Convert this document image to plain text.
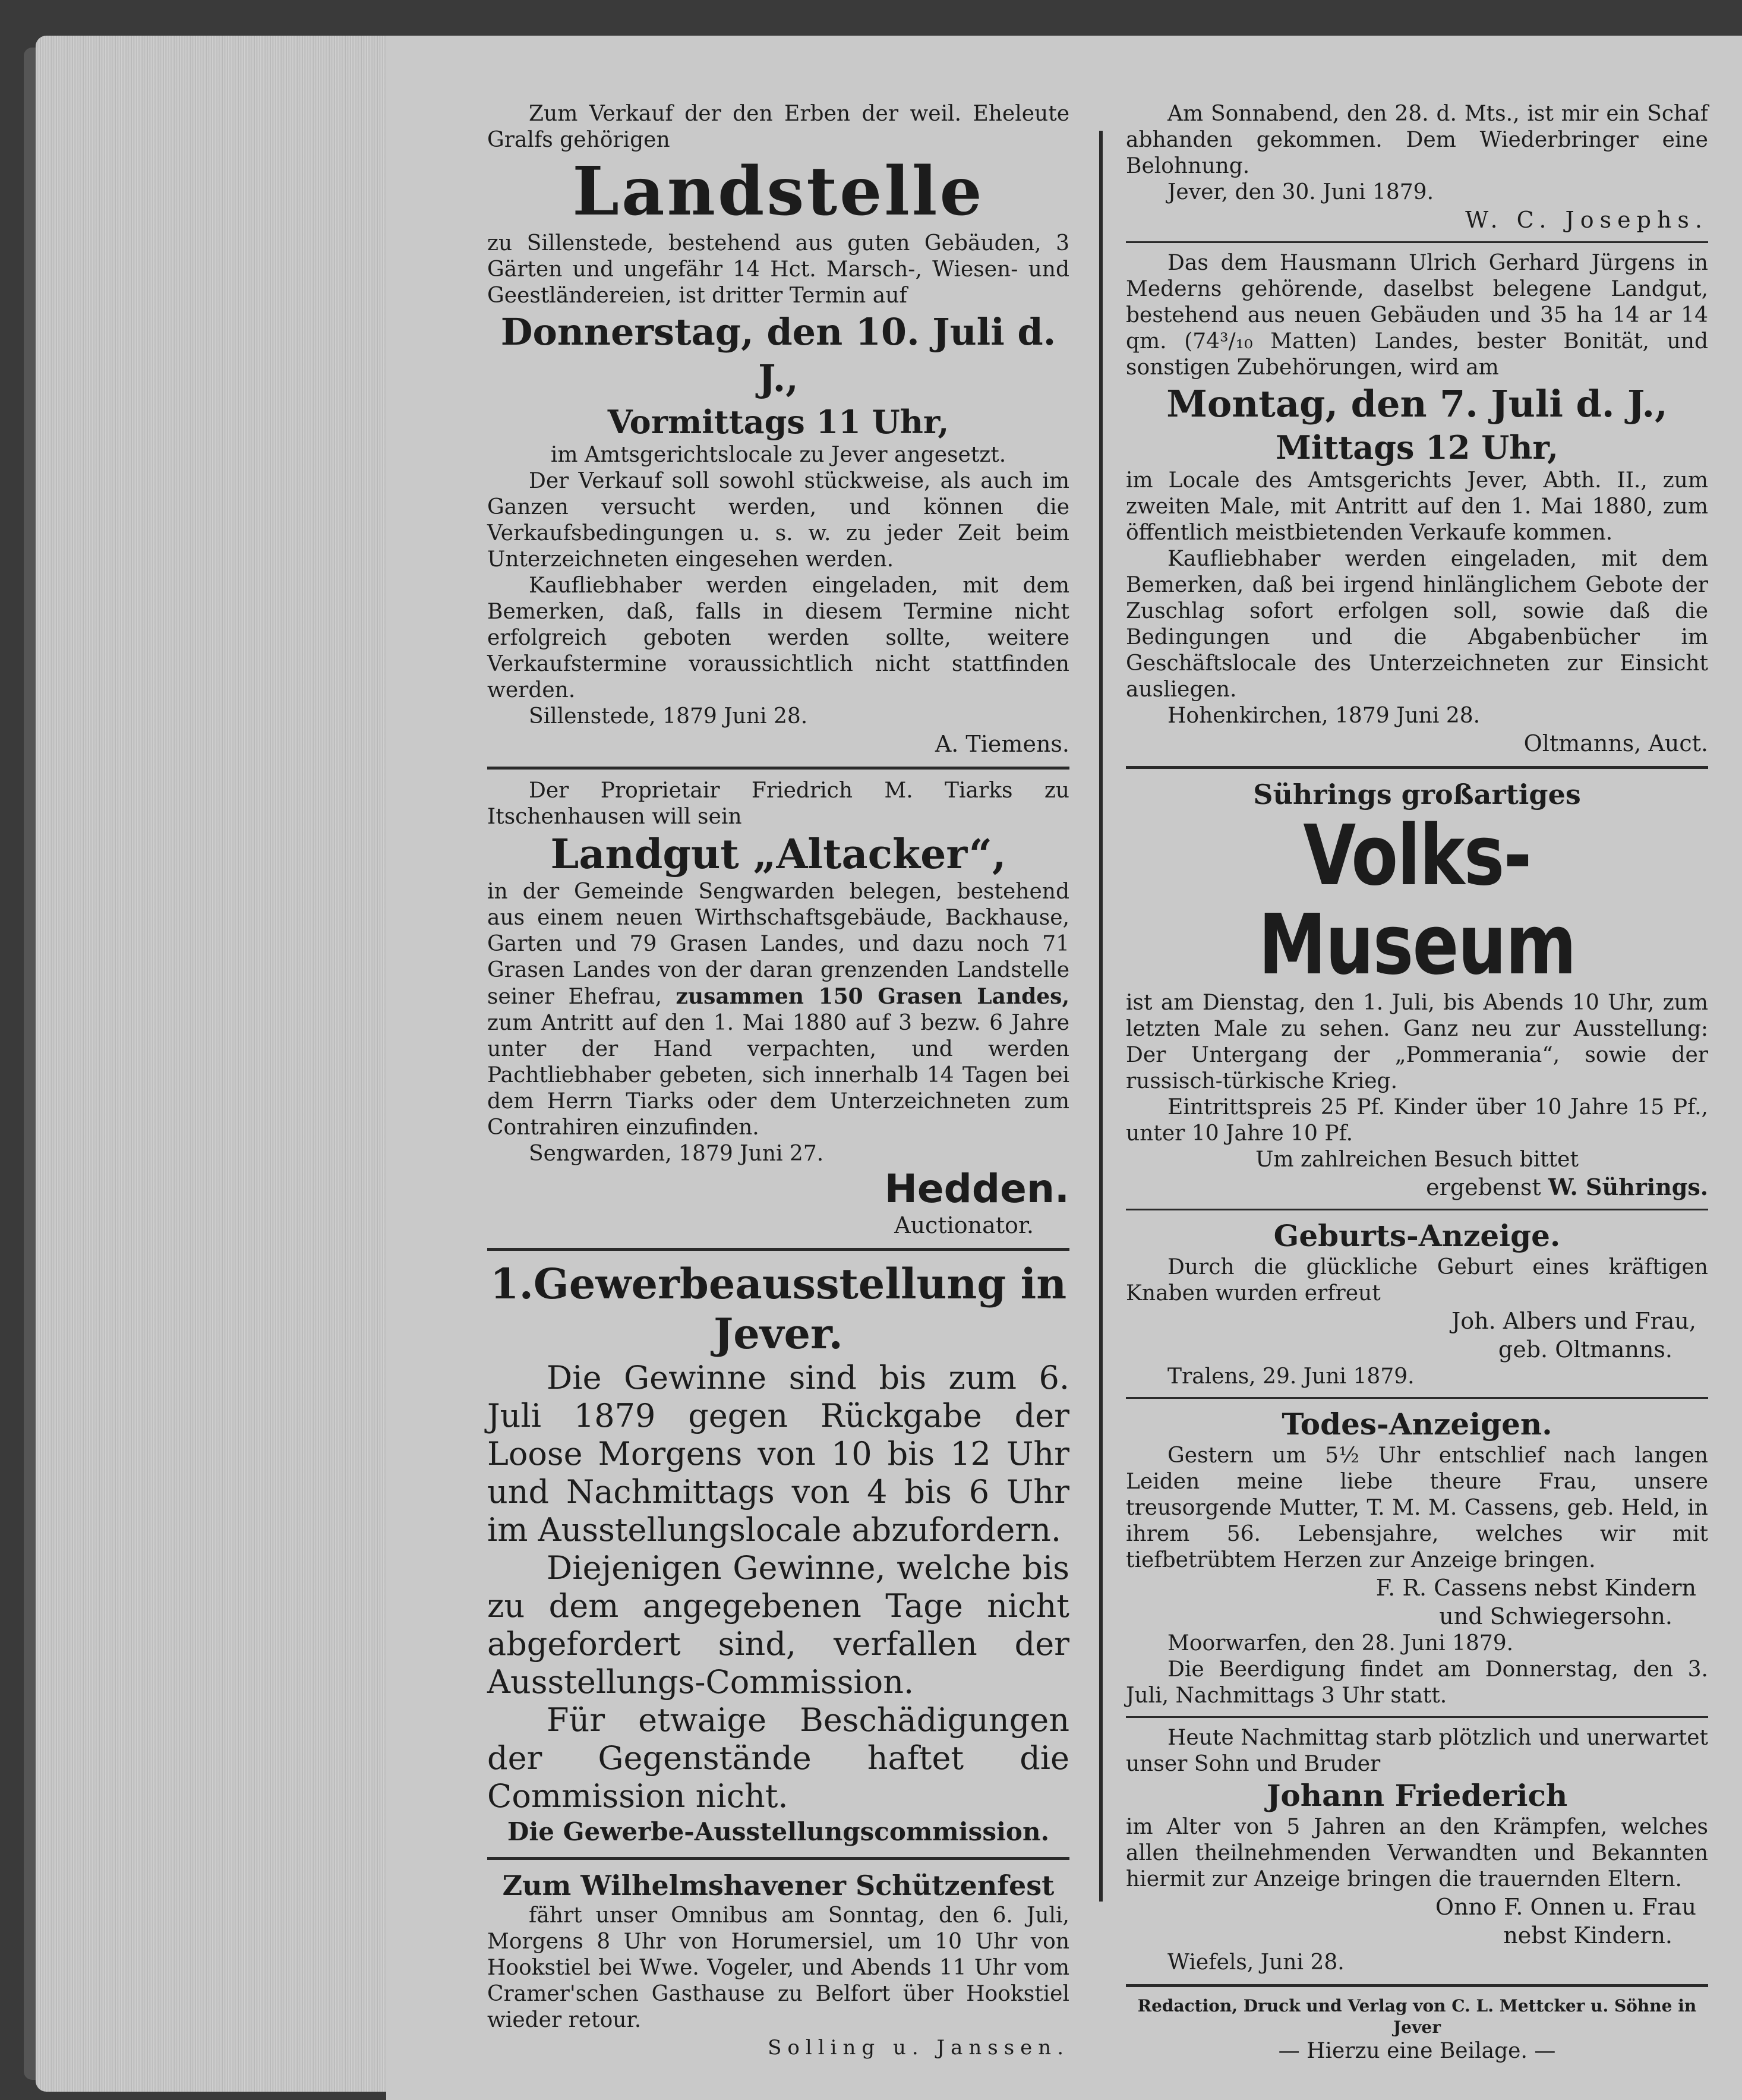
Zum Verkauf der den Erben der weil. Eheleute Gralfs gehörigen
Landstelle
zu Sillenstede, bestehend aus guten Gebäuden, 3 Gärten und ungefähr 14 Hct. Marsch-, Wiesen- und Geestländereien, ist dritter Termin auf
Donnerstag, den 10. Juli d. J.,
Vormittags 11 Uhr,
im Amtsgerichtslocale zu Jever angesetzt.
Der Verkauf soll sowohl stückweise, als auch im Ganzen versucht werden, und können die Verkaufsbedingungen u. s. w. zu jeder Zeit beim Unterzeichneten eingesehen werden.
Kaufliebhaber werden eingeladen, mit dem Bemerken, daß, falls in diesem Termine nicht erfolgreich geboten werden sollte, weitere Verkaufstermine voraussichtlich nicht stattfinden werden.
Sillenstede, 1879 Juni 28.
A. Tiemens.
Der Proprietair Friedrich M. Tiarks zu Itschenhausen will sein
Landgut „Altacker“,
in der Gemeinde Sengwarden belegen, bestehend aus einem neuen Wirthschaftsgebäude, Backhause, Garten und 79 Grasen Landes, und dazu noch 71 Grasen Landes von der daran grenzenden Landstelle seiner Ehefrau, zusammen 150 Grasen Landes, zum Antritt auf den 1. Mai 1880 auf 3 bezw. 6 Jahre unter der Hand verpachten, und werden Pachtliebhaber gebeten, sich innerhalb 14 Tagen bei dem Herrn Tiarks oder dem Unterzeichneten zum Contrahiren einzufinden.
Sengwarden, 1879 Juni 27.
Hedden.
Auctionator.
1.Gewerbeausstellung in Jever.
Die Gewinne sind bis zum 6. Juli 1879 gegen Rückgabe der Loose Morgens von 10 bis 12 Uhr und Nachmittags von 4 bis 6 Uhr im Ausstellungslocale abzufordern.
Diejenigen Gewinne, welche bis zu dem angegebenen Tage nicht abgefordert sind, verfallen der Ausstellungs-Commission.
Für etwaige Beschädigungen der Gegenstände haftet die Commission nicht.
Die Gewerbe-Ausstellungscommission.
Zum Wilhelmshavener Schützenfest
fährt unser Omnibus am Sonntag, den 6. Juli, Morgens 8 Uhr von Horumersiel, um 10 Uhr von Hookstiel bei Wwe. Vogeler, und Abends 11 Uhr vom Cramer'schen Gasthause zu Belfort über Hookstiel wieder retour.
Solling u. Janssen.
Am Sonnabend, den 28. d. Mts., ist mir ein Schaf abhanden gekommen. Dem Wiederbringer eine Belohnung.
Jever, den 30. Juni 1879.
W. C. Josephs.
Das dem Hausmann Ulrich Gerhard Jürgens in Mederns gehörende, daselbst belegene Landgut, bestehend aus neuen Gebäuden und 35 ha 14 ar 14 qm. (74³/₁₀ Matten) Landes, bester Bonität, und sonstigen Zubehörungen, wird am
Montag, den 7. Juli d. J.,
Mittags 12 Uhr,
im Locale des Amtsgerichts Jever, Abth. II., zum zweiten Male, mit Antritt auf den 1. Mai 1880, zum öffentlich meistbietenden Verkaufe kommen.
Kaufliebhaber werden eingeladen, mit dem Bemerken, daß bei irgend hinlänglichem Gebote der Zuschlag sofort erfolgen soll, sowie daß die Bedingungen und die Abgabenbücher im Geschäftslocale des Unterzeichneten zur Einsicht ausliegen.
Hohenkirchen, 1879 Juni 28.
Oltmanns, Auct.
Sührings großartiges
Volks-Museum
ist am Dienstag, den 1. Juli, bis Abends 10 Uhr, zum letzten Male zu sehen. Ganz neu zur Ausstellung: Der Untergang der „Pommerania“, sowie der russisch-türkische Krieg.
Eintrittspreis 25 Pf. Kinder über 10 Jahre 15 Pf., unter 10 Jahre 10 Pf.
Um zahlreichen Besuch bittet
ergebenst W. Sührings.
Geburts-Anzeige.
Durch die glückliche Geburt eines kräftigen Knaben wurden erfreut
Joh. Albers und Frau,
geb. Oltmanns.
Tralens, 29. Juni 1879.
Todes-Anzeigen.
Gestern um 5½ Uhr entschlief nach langen Leiden meine liebe theure Frau, unsere treusorgende Mutter, T. M. M. Cassens, geb. Held, in ihrem 56. Lebensjahre, welches wir mit tiefbetrübtem Herzen zur Anzeige bringen.
F. R. Cassens nebst Kindern
und Schwiegersohn.
Moorwarfen, den 28. Juni 1879.
Die Beerdigung findet am Donnerstag, den 3. Juli, Nachmittags 3 Uhr statt.
Heute Nachmittag starb plötzlich und unerwartet unser Sohn und Bruder
Johann Friederich
im Alter von 5 Jahren an den Krämpfen, welches allen theilnehmenden Verwandten und Bekannten hiermit zur Anzeige bringen die trauernden Eltern.
Onno F. Onnen u. Frau
nebst Kindern.
Wiefels, Juni 28.
Redaction, Druck und Verlag von C. L. Mettcker u. Söhne in Jever
— Hierzu eine Beilage. —
